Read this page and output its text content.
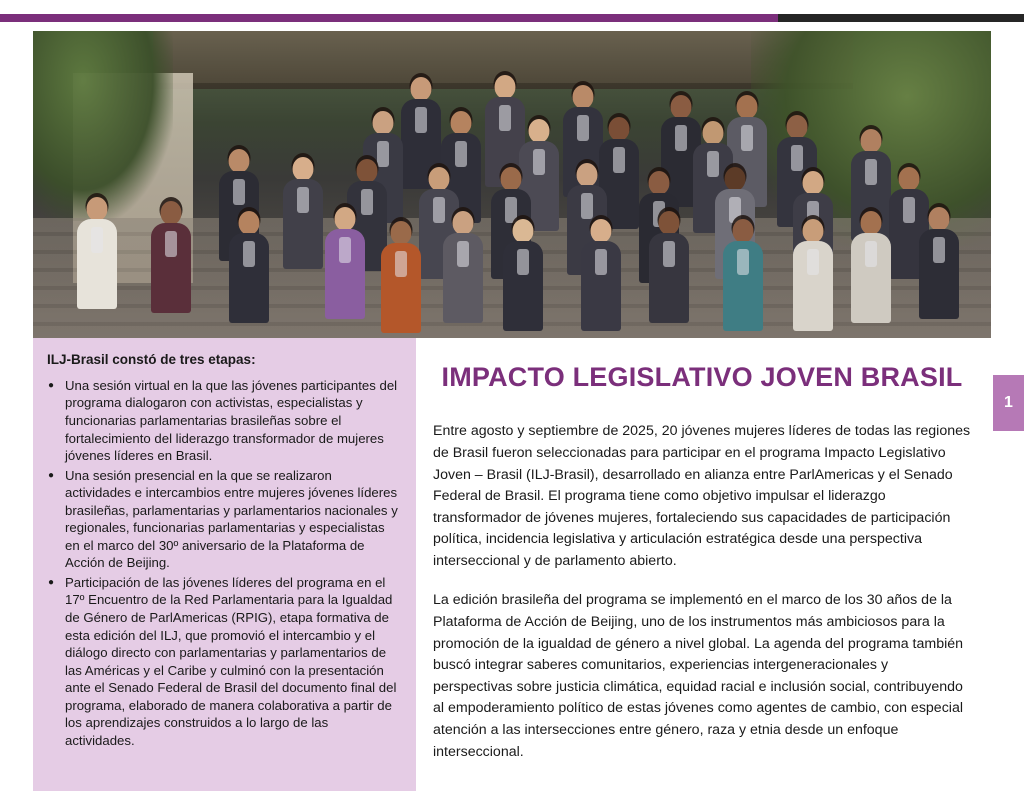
ILJ-Brasil constó de tres etapas:

● Una sesión virtual en la que las jóvenes participantes del programa dialogaron con activistas, especialistas y funcionarias parlamentarias brasileñas sobre el fortalecimiento del liderazgo transformador de mujeres jóvenes líderes en Brasil.
● Una sesión presencial en la que se realizaron actividades e intercambios entre mujeres jóvenes líderes brasileñas, parlamentarias y parlamentarios nacionales y regionales, funcionarias parlamentarias y especialistas en el marco del 30º aniversario de la Plataforma de Acción de Beijing.
● Participación de las jóvenes líderes del programa en el 17º Encuentro de la Red Parlamentaria para la Igualdad de Género de ParlAmericas (RPIG), etapa formativa de esta edición del ILJ, que promovió el intercambio y el diálogo directo con parlamentarias y parlamentarios de las Américas y el Caribe y culminó con la presentación ante el Senado Federal de Brasil del documento final del programa, elaborado de manera colaborativa a partir de los aprendizajes construidos a lo largo de las actividades.
IMPACTO LEGISLATIVO JOVEN BRASIL

Entre agosto y septiembre de 2025, 20 jóvenes mujeres líderes de todas las regiones de Brasil fueron seleccionadas para participar en el programa Impacto Legislativo Joven – Brasil (ILJ-Brasil), desarrollado en alianza entre ParlAmericas y el Senado Federal de Brasil. El programa tiene como objetivo impulsar el liderazgo transformador de jóvenes mujeres, fortaleciendo sus capacidades de participación política, incidencia legislativa y articulación estratégica desde una perspectiva interseccional y de parlamento abierto.

La edición brasileña del programa se implementó en el marco de los 30 años de la Plataforma de Acción de Beijing, uno de los instrumentos más ambiciosos para la promoción de la igualdad de género a nivel global. La agenda del programa también buscó integrar saberes comunitarios, experiencias intergeneracionales y perspectivas sobre justicia climática, equidad racial e inclusión social, contribuyendo al empoderamiento político de estas jóvenes como agentes de cambio, con especial atención a las intersecciones entre género, raza y etnia desde un enfoque interseccional.

1
